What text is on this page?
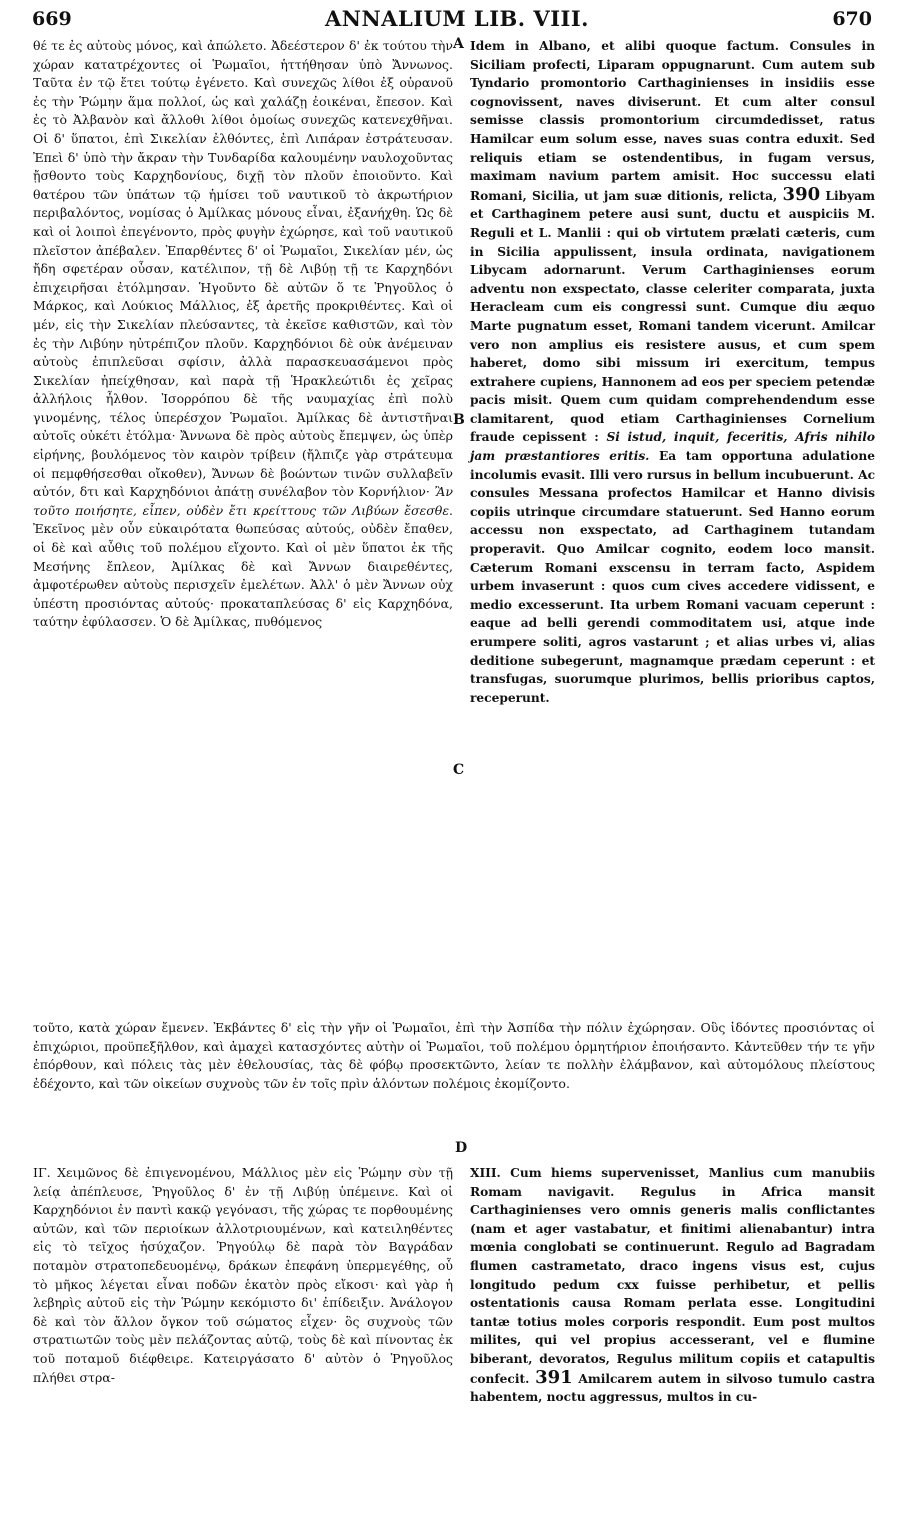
669	ANNALIUM LIB. VIII.	670

θέ τε ἐς αὐτοὺς μόνος, καὶ ἀπώλετο. Ἀδεέστερον δ' ἐκ τούτου τὴν χώραν κατατρέχοντες οἱ Ῥωμαῖοι, ἡττήθησαν ὑπὸ Ἄννωνος. Ταῦτα ἐν τῷ ἔτει τούτῳ ἐγένετο. Καὶ συνεχῶς λίθοι ἐξ οὐρανοῦ ἐς τὴν Ῥώμην ἅμα πολλοί, ὡς καὶ χαλάζῃ ἐοικέναι, ἔπεσον. Καὶ ἐς τὸ Ἀλβανὸν καὶ ἄλλοθι λίθοι ὁμοίως συνεχῶς κατενεχθῆναι. Οἱ δ' ὕπατοι, ἐπὶ Σικελίαν ἐλθόντες, ἐπὶ Λιπάραν ἐστράτευσαν. Ἐπεὶ δ' ὑπὸ τὴν ἄκραν τὴν Τυνδαρίδα καλουμένην ναυλοχοῦντας ᾔσθοντο τοὺς Καρχηδονίους, διχῇ τὸν πλοῦν ἐποιοῦντο. Καὶ θατέρου τῶν ὑπάτων τῷ ἡμίσει τοῦ ναυτικοῦ τὸ ἀκρωτήριον περιβαλόντος, νομίσας ὁ Ἀμίλκας μόνους εἶναι, ἐξανήχθη. Ὡς δὲ καὶ οἱ λοιποὶ ἐπεγένοντο, πρὸς φυγὴν ἐχώρησε, καὶ τοῦ ναυτικοῦ πλεῖστον ἀπέβαλεν. Ἐπαρθέντες δ' οἱ Ῥωμαῖοι, Σικελίαν μέν, ὡς ἤδη σφετέραν οὖσαν, κατέλιπον, τῇ δὲ Λιβύῃ τῇ τε Καρχηδόνι ἐπιχειρῆσαι ἐτόλμησαν. Ἡγοῦντο δὲ αὐτῶν ὅ τε Ῥηγοῦλος ὁ Μάρκος, καὶ Λούκιος Μάλλιος, ἐξ ἀρετῆς προκριθέντες. Καὶ οἱ μέν, εἰς τὴν Σικελίαν πλεύσαντες, τὰ ἐκεῖσε καθιστῶν, καὶ τὸν ἐς τὴν Λιβύην ηὐτρέπιζον πλοῦν. Καρχηδόνιοι δὲ οὐκ ἀνέμειναν αὐτοὺς ἐπιπλεῦσαι σφίσιν, ἀλλὰ παρασκευασάμενοι πρὸς Σικελίαν ἠπείχθησαν, καὶ παρὰ τῇ Ἡρακλεώτιδι ἐς χεῖρας ἀλλήλοις ἦλθον. Ἰσορρόπου δὲ τῆς ναυμαχίας ἐπὶ πολὺ γινομένης, τέλος ὑπερέσχον Ῥωμαῖοι. Ἀμίλκας δὲ ἀντιστῆναι αὐτοῖς οὐκέτι ἐτόλμα· Ἄννωνα δὲ πρὸς αὐτοὺς ἔπεμψεν, ὡς ὑπὲρ εἰρήνης, βουλόμενος τὸν καιρὸν τρίβειν (ἤλπιζε γὰρ στράτευμα οἱ πεμφθήσεσθαι οἴκοθεν), Ἄννων δὲ βοώντων τινῶν συλλαβεῖν αὐτόν, δτι καὶ Καρχηδόνιοι ἀπάτῃ συνέλαβον τὸν Κορνήλιον· Ἂν τοῦτο ποιήσητε, εἶπεν, οὐδὲν ἔτι κρείττους τῶν Λιβύων ἔσεσθε. Ἐκεῖνος μὲν οὖν εὐκαιρότατα θωπεύσας αὐτούς, οὐδὲν ἔπαθεν, οἱ δὲ καὶ αὖθις τοῦ πολέμου εἴχοντο. Καὶ οἱ μὲν ὕπατοι ἐκ τῆς Μεσήνης ἔπλεον, Ἀμίλκας δὲ καὶ Ἄννων διαιρεθέντες, ἀμφοτέρωθεν αὐτοὺς περισχεῖν ἐμελέτων. Ἀλλ' ὁ μὲν Ἄννων οὐχ ὑπέστη προσιόντας αὐτούς· προκαταπλεύσας δ' εἰς Καρχηδόνα, ταύτην ἐφύλασσεν. Ὁ δὲ Ἀμίλκας, πυθόμενος

Idem in Albano, et alibi quoque factum. Consules in Siciliam profecti, Liparam oppugnarunt. Cum autem sub Tyndario promontorio Carthaginienses in insidiis esse cognovissent, naves diviserunt. Et cum alter consul semisse classis promontorium circumdedisset, ratus Hamilcar eum solum esse, naves suas contra eduxit. Sed reliquis etiam se ostendentibus, in fugam versus, maximam navium partem amisit. Hoc successu elati Romani, Sicilia, ut jam suæ ditionis, relicta, 390 Libyam et Carthaginem petere ausi sunt, ductu et auspiciis M. Reguli et L. Manlii : qui ob virtutem prælati cæteris, cum in Sicilia appulissent, insula ordinata, navigationem Libycam adornarunt. Verum Carthaginienses eorum adventu non exspectato, classe celeriter comparata, juxta Heracleam cum eis congressi sunt. Cumque diu æquo Marte pugnatum esset, Romani tandem vicerunt. Amilcar vero non amplius eis resistere ausus, et cum spem haberet, domo sibi missum iri exercitum, tempus extrahere cupiens, Hannonem ad eos per speciem petendæ pacis misit. Quem cum quidam comprehendendum esse clamitarent, quod etiam Carthaginienses Cornelium fraude cepissent : Si istud, inquit, feceritis, Afris nihilo jam præstantiores eritis. Ea tam opportuna adulatione incolumis evasit. Illi vero rursus in bellum incubuerunt. Ac consules Messana profectos Hamilcar et Hanno divisis copiis utrinque circumdare statuerunt. Sed Hanno eorum accessu non exspectato, ad Carthaginem tutandam properavit. Quo Amilcar cognito, eodem loco mansit. Cæterum Romani exscensu in terram facto, Aspidem urbem invaserunt : quos cum cives accedere vidissent, e medio excesserunt. Ita urbem Romani vacuam ceperunt : eaque ad belli gerendi commoditatem usi, atque inde erumpere soliti, agros vastarunt ; et alias urbes vi, alias deditione subegerunt, magnamque prædam ceperunt : et transfugas, suorumque plurimos, bellis prioribus captos, receperunt.

τοῦτο, κατὰ χώραν ἔμενεν. Ἐκβάντες δ' εἰς τὴν γῆν οἱ Ῥωμαῖοι, ἐπὶ τὴν Ἀσπίδα τὴν πόλιν ἐχώρησαν. Οὓς ἰδόντες προσιόντας οἱ ἐπιχώριοι, προϋπεξῆλθον, καὶ ἀμαχεὶ κατασχόντες αὐτὴν οἱ Ῥωμαῖοι, τοῦ πολέμου ὁρμητήριον ἐποιήσαντο. Κἀντεῦθεν τήν τε γῆν ἐπόρθουν, καὶ πόλεις τὰς μὲν ἐθελουσίας, τὰς δὲ φόβῳ προσεκτῶντο, λείαν τε πολλὴν ἐλάμβανον, καὶ αὐτομόλους πλείστους ἐδέχοντο, καὶ τῶν οἰκείων συχνοὺς τῶν ἐν τοῖς πρὶν ἁλόντων πολέμοις ἐκομίζοντο.

ΙΓ. Χειμῶνος δὲ ἐπιγενομένου, Μάλλιος μὲν εἰς Ῥώμην σὺν τῇ λείᾳ ἀπέπλευσε, Ῥηγοῦλος δ' ἐν τῇ Λιβύῃ ὑπέμεινε. Καὶ οἱ Καρχηδόνιοι ἐν παντὶ κακῷ γεγόνασι, τῆς χώρας τε πορθουμένης αὐτῶν, καὶ τῶν περιοίκων ἀλλοτριουμένων, καὶ κατειληθέντες εἰς τὸ τεῖχος ἡσύχαζον. Ῥηγούλῳ δὲ παρὰ τὸν Βαγράδαν ποταμὸν στρατοπεδευομένῳ, δράκων ἐπεφάνη ὑπερμεγέθης, οὗ τὸ μῆκος λέγεται εἶναι ποδῶν ἑκατὸν πρὸς εἴκοσι· καὶ γὰρ ἡ λεβηρὶς αὐτοῦ εἰς τὴν Ῥώμην κεκόμιστο δι' ἐπίδειξιν. Ἀνάλογον δὲ καὶ τὸν ἄλλον ὄγκον τοῦ σώματος εἶχεν· ὃς συχνοὺς τῶν στρατιωτῶν τοὺς μὲν πελάζοντας αὐτῷ, τοὺς δὲ καὶ πίνοντας ἐκ τοῦ ποταμοῦ διέφθειρε. Κατειργάσατο δ' αὐτὸν ὁ Ῥηγοῦλος πλήθει στρα-

XIII. Cum hiems supervenisset, Manlius cum manubiis Romam navigavit. Regulus in Africa mansit Carthaginienses vero omnis generis malis conflictantes (nam et ager vastabatur, et finitimi alienabantur) intra mœnia conglobati se continuerunt. Regulo ad Bagradam flumen castrametato, draco ingens visus est, cujus longitudo pedum cxx fuisse perhibetur, et pellis ostentationis causa Romam perlata esse. Longitudini tantæ totius moles corporis respondit. Eum post multos milites, qui vel propius accesserant, vel e flumine biberant, devoratos, Regulus militum copiis et catapultis confecit. 391 Amilcarem autem in silvoso tumulo castra habentem, noctu aggressus, multos in cu-

A
B
C
D
